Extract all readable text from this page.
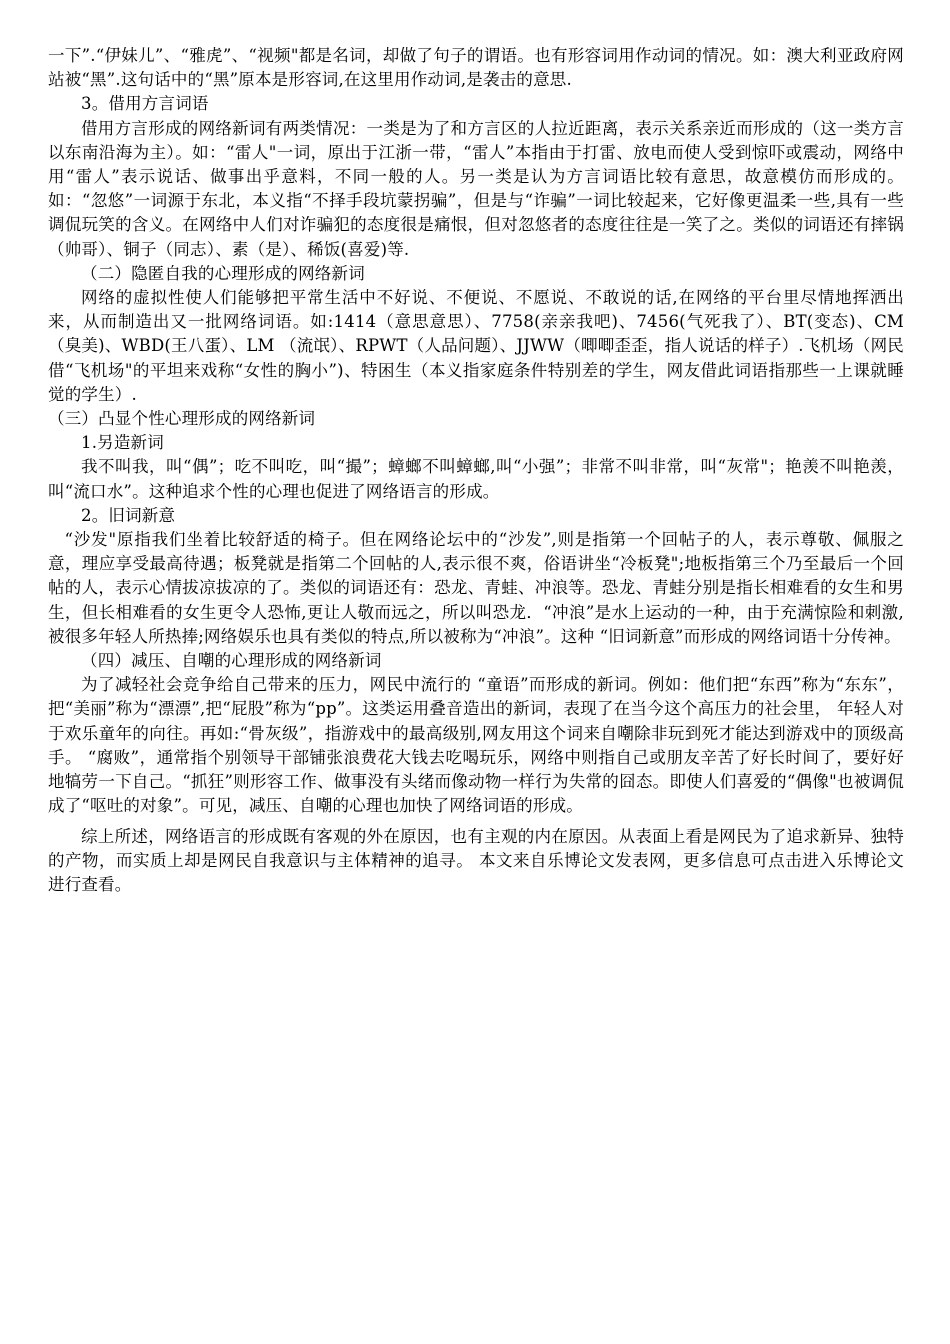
一下”.“伊妹儿”、“雅虎”、“视频"都是名词，却做了句子的谓语。也有形容词用作动词的情况。如：澳大利亚政府网站被“黑”.这句话中的“黑”原本是形容词,在这里用作动词,是袭击的意思.

3。借用方言词语

借用方言形成的网络新词有两类情况：一类是为了和方言区的人拉近距离，表示关系亲近而形成的（这一类方言以东南沿海为主）。如：“雷人"一词，原出于江浙一带，“雷人”本指由于打雷、放电而使人受到惊吓或震动，网络中用“雷人”表示说话、做事出乎意料，不同一般的人。另一类是认为方言词语比较有意思，故意模仿而形成的。如：“忽悠”一词源于东北，本义指“不择手段坑蒙拐骗”，但是与“诈骗”一词比较起来，它好像更温柔一些,具有一些调侃玩笑的含义。在网络中人们对诈骗犯的态度很是痛恨，但对忽悠者的态度往往是一笑了之。类似的词语还有摔锅（帅哥）、铜子（同志）、素（是）、稀饭(喜爱)等.

（二）隐匿自我的心理形成的网络新词

网络的虚拟性使人们能够把平常生活中不好说、不便说、不愿说、不敢说的话,在网络的平台里尽情地挥洒出来，从而制造出又一批网络词语。如:1414（意思意思）、7758(亲亲我吧)、7456(气死我了）、BT(变态)、CM （臭美)、WBD(王八蛋）、LM （流氓）、RPWT（人品问题）、JJWW（唧唧歪歪，指人说话的样子）.飞机场（网民借“飞机场"的平坦来戏称“女性的胸小”)、特困生（本义指家庭条件特别差的学生，网友借此词语指那些一上课就睡觉的学生）.

（三）凸显个性心理形成的网络新词

1.另造新词

我不叫我，叫“偶”；吃不叫吃，叫“撮”；蟑螂不叫蟑螂,叫“小强”；非常不叫非常，叫“灰常"；艳羡不叫艳羡，叫“流口水”。这种追求个性的心理也促进了网络语言的形成。

2。旧词新意

“沙发"原指我们坐着比较舒适的椅子。但在网络论坛中的“沙发”,则是指第一个回帖子的人，表示尊敬、佩服之意，理应享受最高待遇；板凳就是指第二个回帖的人,表示很不爽，俗语讲坐“冷板凳";地板指第三个乃至最后一个回帖的人，表示心情拔凉拔凉的了。类似的词语还有：恐龙、青蛙、冲浪等。恐龙、青蛙分别是指长相难看的女生和男生，但长相难看的女生更令人恐怖,更让人敬而远之，所以叫恐龙．“冲浪”是水上运动的一种，由于充满惊险和刺激,被很多年轻人所热捧;网络娱乐也具有类似的特点,所以被称为“冲浪”。这种 “旧词新意”而形成的网络词语十分传神。

（四）减压、自嘲的心理形成的网络新词

为了减轻社会竞争给自己带来的压力，网民中流行的 “童语”而形成的新词。例如：他们把“东西”称为“东东”，把“美丽”称为“漂漂”,把“屁股”称为“pp”。这类运用叠音造出的新词，表现了在当今这个高压力的社会里， 年轻人对于欢乐童年的向往。再如:“骨灰级”，指游戏中的最高级别,网友用这个词来自嘲除非玩到死才能达到游戏中的顶级高手。 “腐败”，通常指个别领导干部铺张浪费花大钱去吃喝玩乐，网络中则指自己或朋友辛苦了好长时间了，要好好地犒劳一下自己。“抓狂”则形容工作、做事没有头绪而像动物一样行为失常的囧态。即使人们喜爱的“偶像"也被调侃成了“呕吐的对象”。可见，减压、自嘲的心理也加快了网络词语的形成。

综上所述，网络语言的形成既有客观的外在原因，也有主观的内在原因。从表面上看是网民为了追求新异、独特的产物，而实质上却是网民自我意识与主体精神的追寻。 本文来自乐博论文发表网，更多信息可点击进入乐博论文进行查看。
